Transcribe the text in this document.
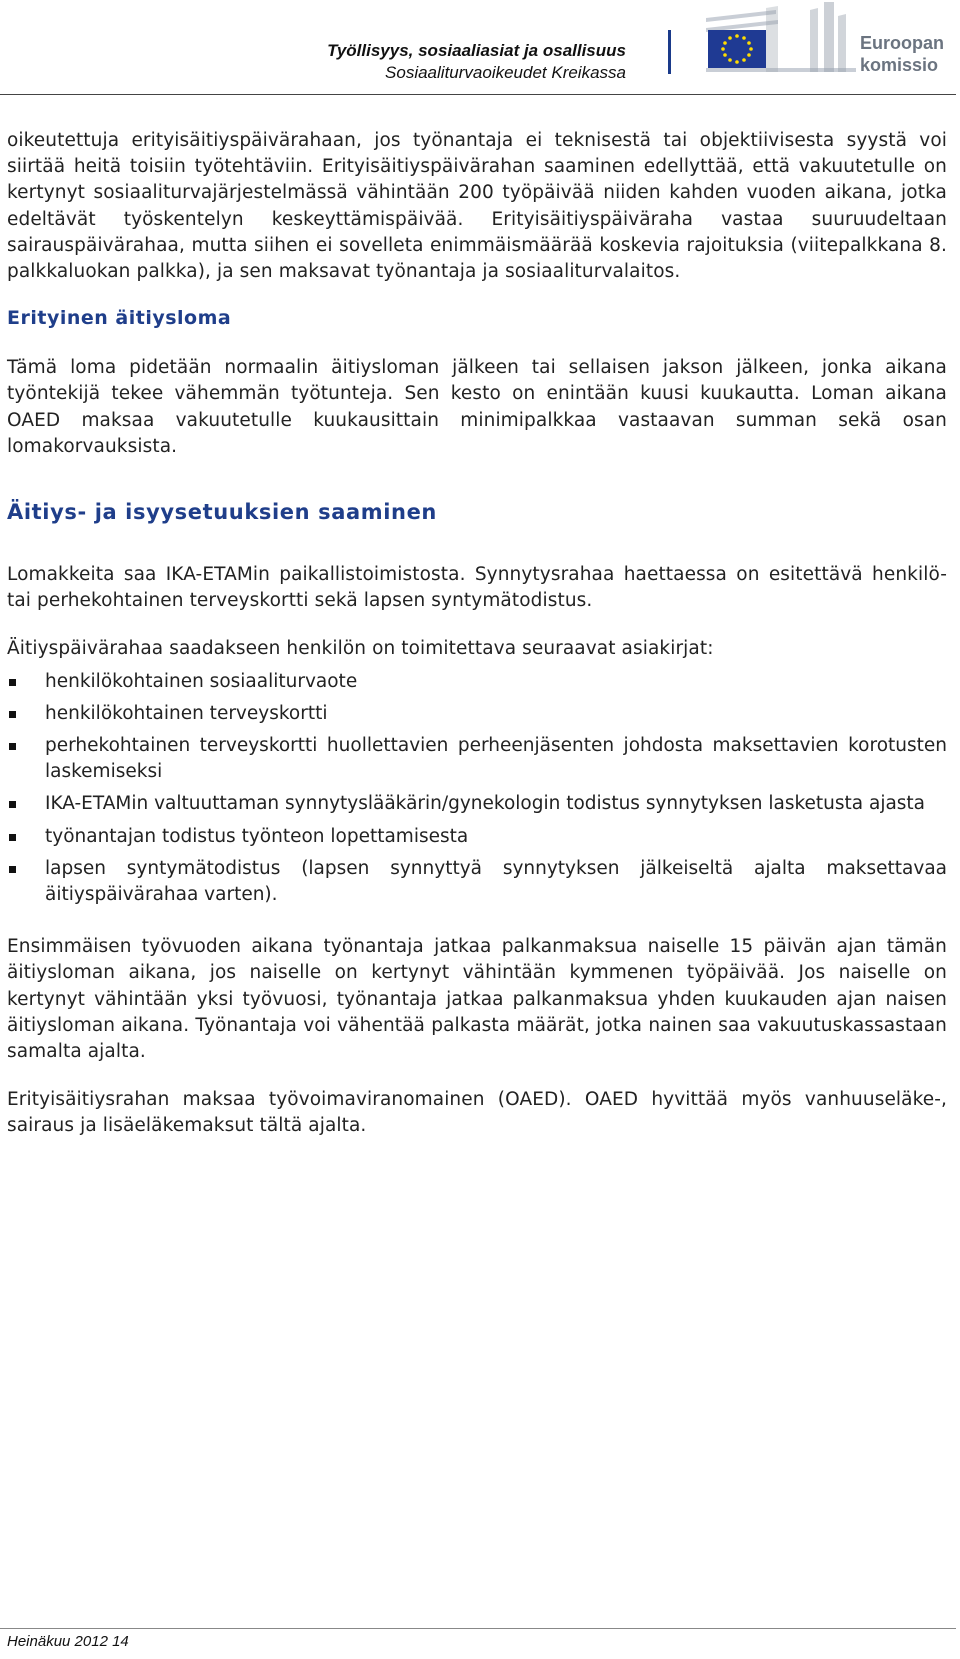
Työllisyys, sosiaaliasiat ja osallisuus
Sosiaaliturvaoikeudet Kreikassa
Euroopan
komissio

oikeutettuja erityisäitiyspäivärahaan, jos työnantaja ei teknisestä tai objektiivisesta syystä voi siirtää heitä toisiin työtehtäviin. Erityisäitiyspäivärahan saaminen edellyttää, että vakuutetulle on kertynyt sosiaaliturvajärjestelmässä vähintään 200 työpäivää niiden kahden vuoden aikana, jotka edeltävät työskentelyn keskeyttämispäivää. Erityisäitiyspäiväraha vastaa suuruudeltaan sairauspäivärahaa, mutta siihen ei sovelleta enimmäismäärää koskevia rajoituksia (viitepalkkana 8. palkkaluokan palkka), ja sen maksavat työnantaja ja sosiaaliturvalaitos.

Erityinen äitiysloma

Tämä loma pidetään normaalin äitiysloman jälkeen tai sellaisen jakson jälkeen, jonka aikana työntekijä tekee vähemmän työtunteja. Sen kesto on enintään kuusi kuukautta. Loman aikana OAED maksaa vakuutetulle kuukausittain minimipalkkaa vastaavan summan sekä osan lomakorvauksista.

Äitiys- ja isyysetuuksien saaminen

Lomakkeita saa IKA-ETAMin paikallistoimistosta. Synnytysrahaa haettaessa on esitettävä henkilö- tai perhekohtainen terveyskortti sekä lapsen syntymätodistus.

Äitiyspäivärahaa saadakseen henkilön on toimitettava seuraavat asiakirjat:

henkilökohtainen sosiaaliturvaote
henkilökohtainen terveyskortti
perhekohtainen terveyskortti huollettavien perheenjäsenten johdosta maksettavien korotusten laskemiseksi
IKA-ETAMin valtuuttaman synnytyslääkärin/gynekologin todistus synnytyksen lasketusta ajasta
työnantajan todistus työnteon lopettamisesta
lapsen syntymätodistus (lapsen synnyttyä synnytyksen jälkeiseltä ajalta maksettavaa äitiyspäivärahaa varten).

Ensimmäisen työvuoden aikana työnantaja jatkaa palkanmaksua naiselle 15 päivän ajan tämän äitiysloman aikana, jos naiselle on kertynyt vähintään kymmenen työpäivää. Jos naiselle on kertynyt vähintään yksi työvuosi, työnantaja jatkaa palkanmaksua yhden kuukauden ajan naisen äitiysloman aikana. Työnantaja voi vähentää palkasta määrät, jotka nainen saa vakuutuskassastaan samalta ajalta.

Erityisäitiysrahan maksaa työvoimaviranomainen (OAED). OAED hyvittää myös vanhuuseläke-, sairaus ja lisäeläkemaksut tältä ajalta.

Heinäkuu 2012 14
